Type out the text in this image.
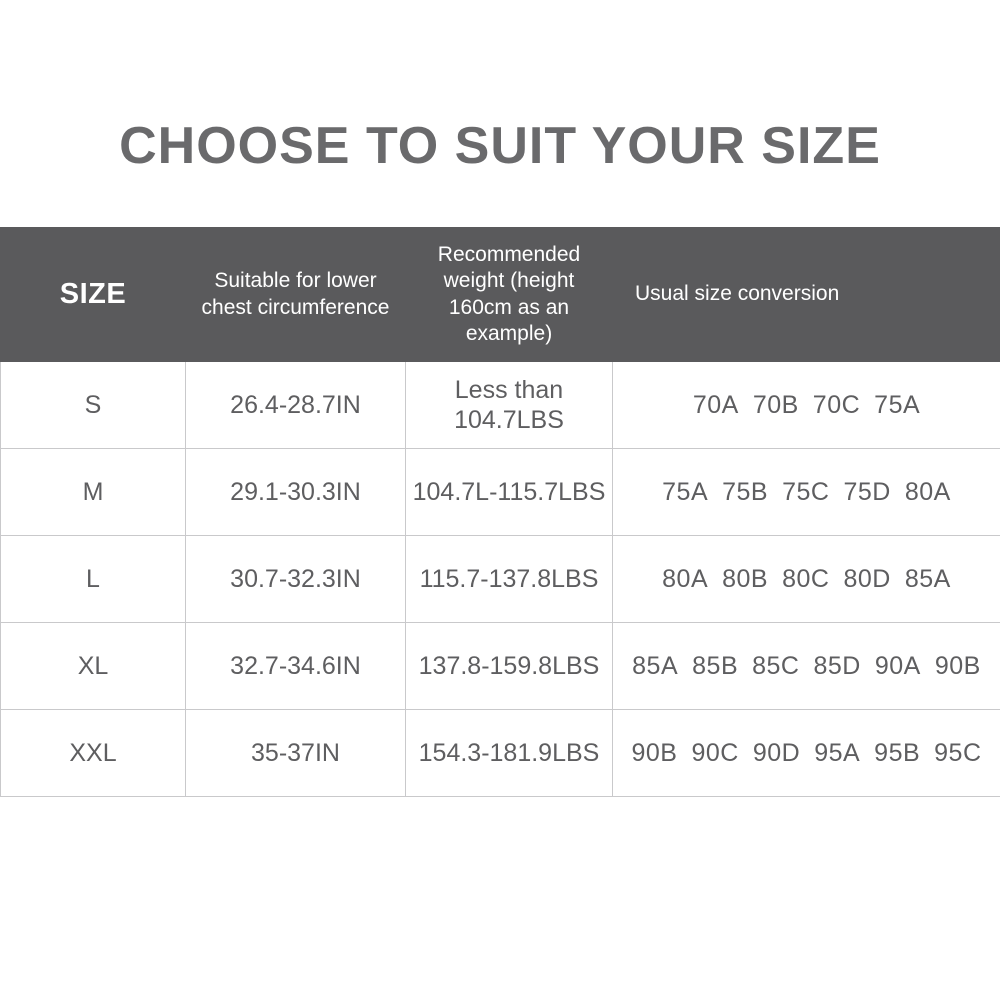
CHOOSE TO SUIT YOUR SIZE
SIZE	Suitable for lower chest circumference	Recommended weight (height 160cm as an example)	Usual size conversion
S	26.4-28.7IN	Less than 104.7LBS	70A 70B 70C 75A
M	29.1-30.3IN	104.7L-115.7LBS	75A 75B 75C 75D 80A
L	30.7-32.3IN	115.7-137.8LBS	80A 80B 80C 80D 85A
XL	32.7-34.6IN	137.8-159.8LBS	85A 85B 85C 85D 90A 90B
XXL	35-37IN	154.3-181.9LBS	90B 90C 90D 95A 95B 95C
